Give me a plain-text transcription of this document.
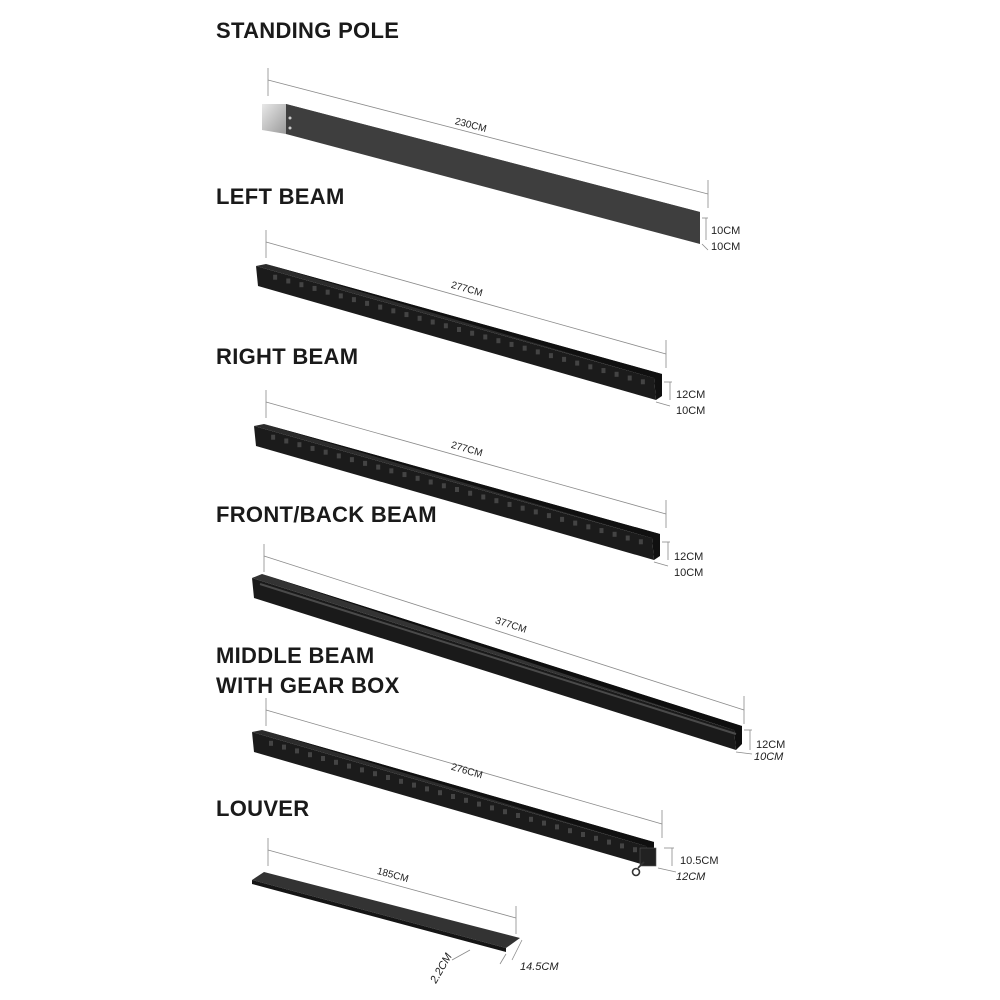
STANDING POLE
LEFT BEAM
RIGHT BEAM
FRONT/BACK BEAM
MIDDLE BEAM
WITH GEAR BOX
LOUVER
230CM
10CM
10CM
277CM
12CM
10CM
277CM
12CM
10CM
377CM
12CM
10CM
276CM
10.5CM
12CM
185CM
14.5CM
2.2CM
